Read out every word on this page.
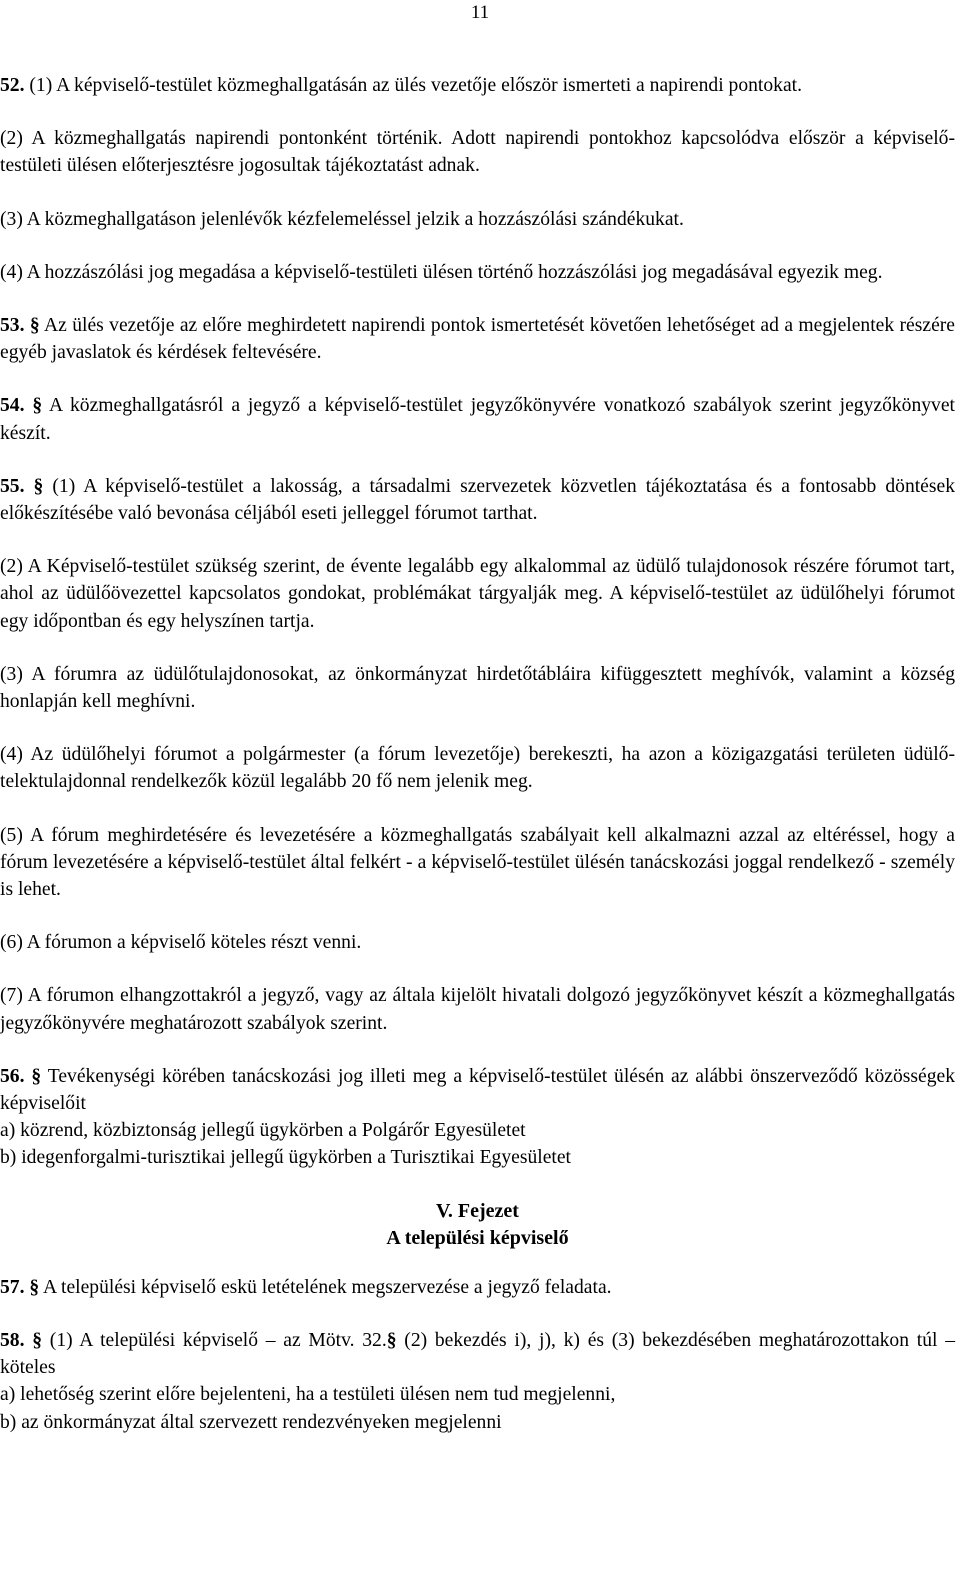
11

52. (1) A képviselő-testület közmeghallgatásán az ülés vezetője először ismerteti a napirendi pontokat.

(2) A közmeghallgatás napirendi pontonként történik. Adott napirendi pontokhoz kapcsolódva először a képviselő-testületi ülésen előterjesztésre jogosultak tájékoztatást adnak.

(3) A közmeghallgatáson jelenlévők kézfelemeléssel jelzik a hozzászólási szándékukat.

(4) A hozzászólási jog megadása a képviselő-testületi ülésen történő hozzászólási jog megadásával egyezik meg.

53. § Az ülés vezetője az előre meghirdetett napirendi pontok ismertetését követően lehetőséget ad a megjelentek részére egyéb javaslatok és kérdések feltevésére.

54. § A közmeghallgatásról a jegyző a képviselő-testület jegyzőkönyvére vonatkozó szabályok szerint jegyzőkönyvet készít.

55. § (1) A képviselő-testület a lakosság, a társadalmi szervezetek közvetlen tájékoztatása és a fontosabb döntések előkészítésébe való bevonása céljából eseti jelleggel fórumot tarthat.

(2) A Képviselő-testület szükség szerint, de évente legalább egy alkalommal az üdülő tulajdonosok részére fórumot tart, ahol az üdülőövezettel kapcsolatos gondokat, problémákat tárgyalják meg. A képviselő-testület az üdülőhelyi fórumot egy időpontban és egy helyszínen tartja.

(3) A fórumra az üdülőtulajdonosokat, az önkormányzat hirdetőtábláira kifüggesztett meghívók, valamint a község honlapján kell meghívni.

(4) Az üdülőhelyi fórumot a polgármester (a fórum levezetője) berekeszti, ha azon a közigazgatási területen üdülő-telektulajdonnal rendelkezők közül legalább 20 fő nem jelenik meg.

(5) A fórum meghirdetésére és levezetésére a közmeghallgatás szabályait kell alkalmazni azzal az eltéréssel, hogy a fórum levezetésére a képviselő-testület által felkért - a képviselő-testület ülésén tanácskozási joggal rendelkező - személy is lehet.

(6) A fórumon a képviselő köteles részt venni.

(7) A fórumon elhangzottakról a jegyző, vagy az általa kijelölt hivatali dolgozó jegyzőkönyvet készít a közmeghallgatás jegyzőkönyvére meghatározott szabályok szerint.

56. § Tevékenységi körében tanácskozási jog illeti meg a képviselő-testület ülésén az alábbi önszerveződő közösségek képviselőit

a) közrend, közbiztonság jellegű ügykörben a Polgárőr Egyesületet

b) idegenforgalmi-turisztikai jellegű ügykörben a Turisztikai Egyesületet

V. Fejezet
A települési képviselő

57. § A települési képviselő eskü letételének megszervezése a jegyző feladata.

58. § (1) A települési képviselő – az Mötv. 32.§ (2) bekezdés i), j), k) és (3) bekezdésében meghatározottakon túl – köteles

a) lehetőség szerint előre bejelenteni, ha a testületi ülésen nem tud megjelenni,

b) az önkormányzat által szervezett rendezvényeken megjelenni
